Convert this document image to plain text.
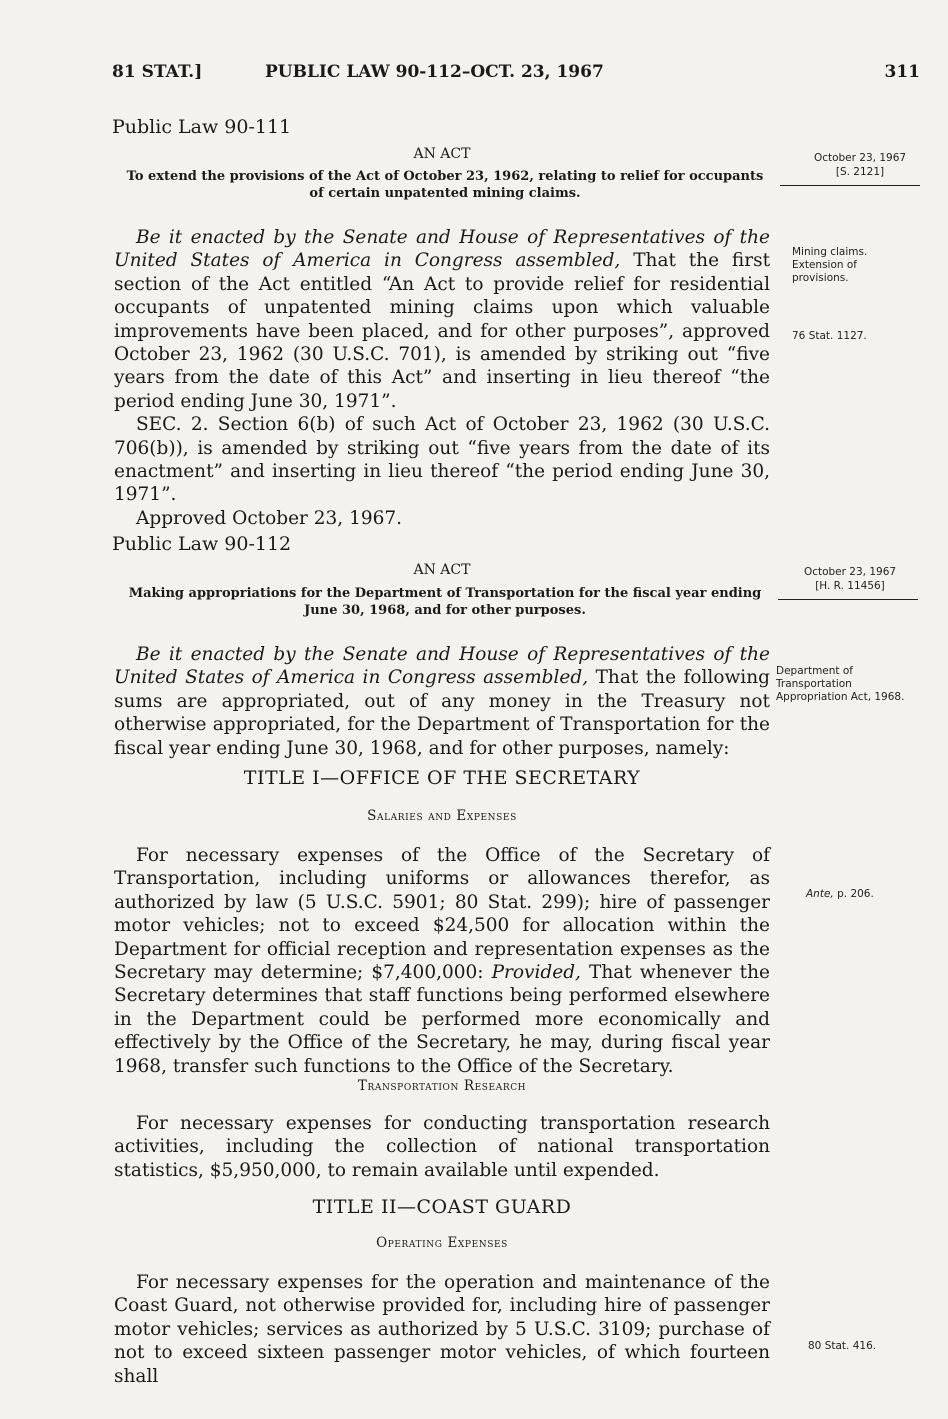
81 STAT.]	PUBLIC LAW 90-112–OCT. 23, 1967	311
Public Law 90-111
AN ACT
To extend the provisions of the Act of October 23, 1962, relating to relief for occupants of certain unpatented mining claims.
October 23, 1967
[S. 2121]

Be it enacted by the Senate and House of Representatives of the United States of America in Congress assembled, That the first section of the Act entitled “An Act to provide relief for residential occupants of unpatented mining claims upon which valuable improvements have been placed, and for other purposes”, approved October 23, 1962 (30 U.S.C. 701), is amended by striking out “five years from the date of this Act” and inserting in lieu thereof “the period ending June 30, 1971”.

SEC. 2. Section 6(b) of such Act of October 23, 1962 (30 U.S.C. 706(b)), is amended by striking out “five years from the date of its enactment” and inserting in lieu thereof “the period ending June 30, 1971”.

Approved October 23, 1967.

Mining claims. Extension of provisions.
76 Stat. 1127.
Public Law 90-112
AN ACT
Making appropriations for the Department of Transportation for the fiscal year ending June 30, 1968, and for other purposes.
October 23, 1967
[H. R. 11456]

Be it enacted by the Senate and House of Representatives of the United States of America in Congress assembled, That the following sums are appropriated, out of any money in the Treasury not otherwise appropriated, for the Department of Transportation for the fiscal year ending June 30, 1968, and for other purposes, namely:

Department of Transportation Appropriation Act, 1968.
TITLE I—OFFICE OF THE SECRETARY
Salaries and Expenses

For necessary expenses of the Office of the Secretary of Transportation, including uniforms or allowances therefor, as authorized by law (5 U.S.C. 5901; 80 Stat. 299); hire of passenger motor vehicles; not to exceed $24,500 for allocation within the Department for official reception and representation expenses as the Secretary may determine; $7,400,000: Provided, That whenever the Secretary determines that staff functions being performed elsewhere in the Department could be performed more economically and effectively by the Office of the Secretary, he may, during fiscal year 1968, transfer such functions to the Office of the Secretary.

Ante, p. 206.
Transportation Research

For necessary expenses for conducting transportation research activities, including the collection of national transportation statistics, $5,950,000, to remain available until expended.

TITLE II—COAST GUARD
Operating Expenses

For necessary expenses for the operation and maintenance of the Coast Guard, not otherwise provided for, including hire of passenger motor vehicles; services as authorized by 5 U.S.C. 3109; purchase of not to exceed sixteen passenger motor vehicles, of which fourteen shall

80 Stat. 416.
